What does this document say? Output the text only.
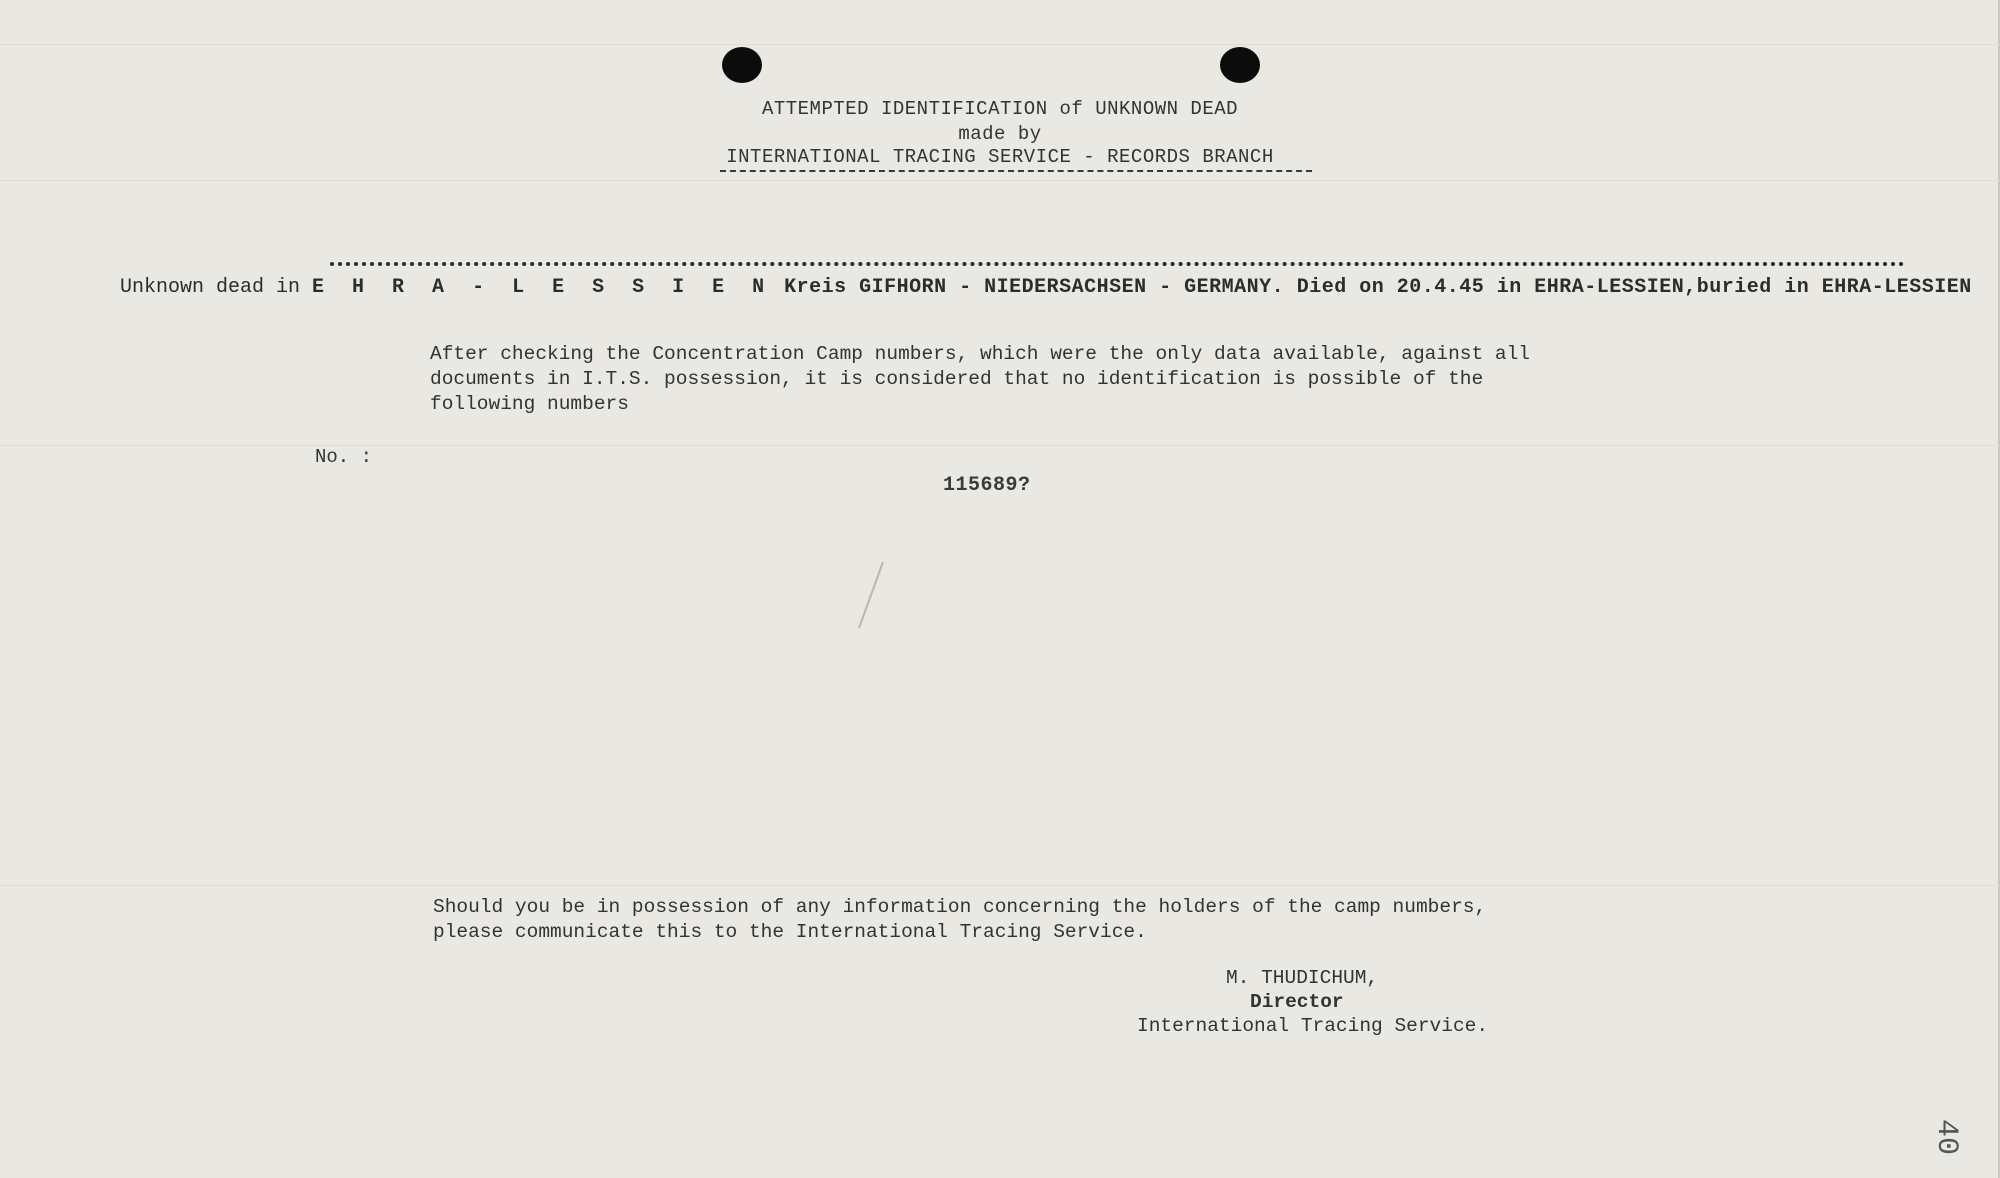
ATTEMPTED IDENTIFICATION of UNKNOWN DEAD
made by
INTERNATIONAL TRACING SERVICE - RECORDS BRANCH
Unknown dead in E H R A - L E S S I E N Kreis GIFHORN - NIEDERSACHSEN - GERMANY. Died on 20.4.45 in EHRA-LESSIEN,buried in EHRA-LESSIEN
After checking the Concentration Camp numbers, which were the only data available, against all
documents in I.T.S. possession, it is considered that no identification is possible of the
following numbers
No. :
115689?
Should you be in possession of any information concerning the holders of the camp numbers,
please communicate this to the International Tracing Service.
M. THUDICHUM,
Director
International Tracing Service.
40
